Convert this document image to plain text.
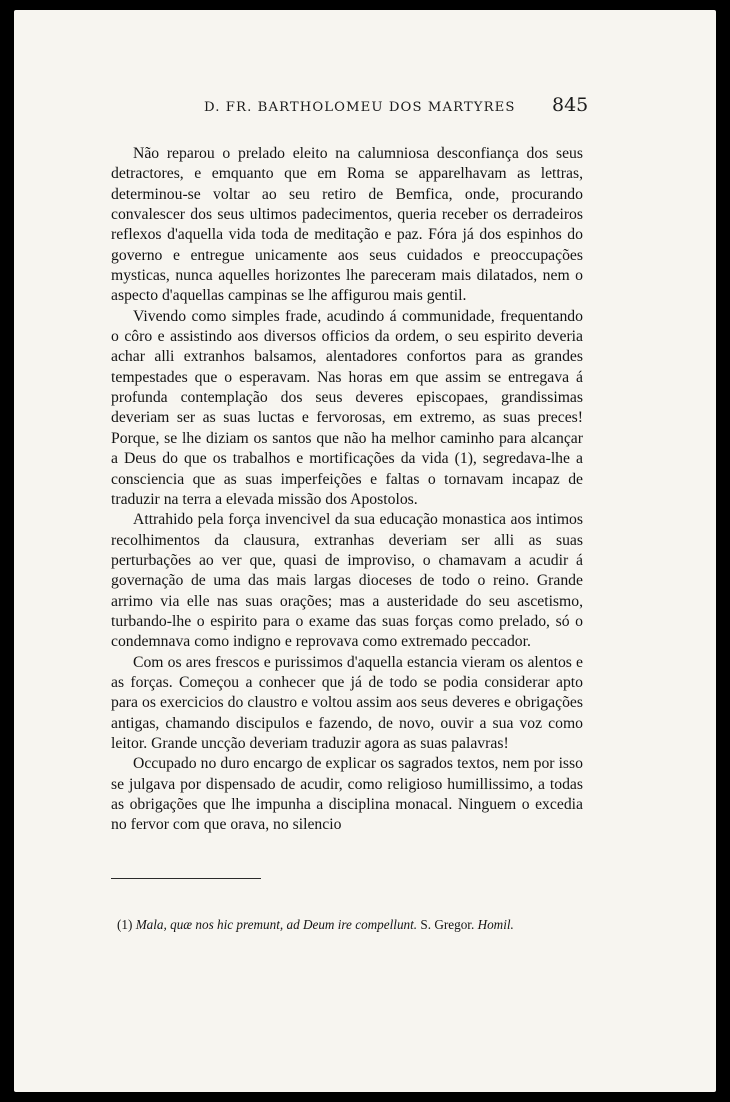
D. FR. BARTHOLOMEU DOS MARTYRES 845

Não reparou o prelado eleito na calumniosa desconfiança dos seus detractores, e emquanto que em Roma se apparelhavam as lettras, determinou-se voltar ao seu retiro de Bemfica, onde, procurando convalescer dos seus ultimos padecimentos, queria receber os derradeiros reflexos d'aquella vida toda de meditação e paz. Fóra já dos espinhos do governo e entregue unicamente aos seus cuidados e preoccupações mysticas, nunca aquelles horizontes lhe pareceram mais dilatados, nem o aspecto d'aquellas campinas se lhe affigurou mais gentil.

Vivendo como simples frade, acudindo á communidade, frequentando o côro e assistindo aos diversos officios da ordem, o seu espirito deveria achar alli extranhos balsamos, alentadores confortos para as grandes tempestades que o esperavam. Nas horas em que assim se entregava á profunda contemplação dos seus deveres episcopaes, grandissimas deveriam ser as suas luctas e fervorosas, em extremo, as suas preces! Porque, se lhe diziam os santos que não ha melhor caminho para alcançar a Deus do que os trabalhos e mortificações da vida (1), segredava-lhe a consciencia que as suas imperfeições e faltas o tornavam incapaz de traduzir na terra a elevada missão dos Apostolos.

Attrahido pela força invencivel da sua educação monastica aos intimos recolhimentos da clausura, extranhas deveriam ser alli as suas perturbações ao ver que, quasi de improviso, o chamavam a acudir á governação de uma das mais largas dioceses de todo o reino. Grande arrimo via elle nas suas orações; mas a austeridade do seu ascetismo, turbando-lhe o espirito para o exame das suas forças como prelado, só o condemnava como indigno e reprovava como extremado peccador.

Com os ares frescos e purissimos d'aquella estancia vieram os alentos e as forças. Começou a conhecer que já de todo se podia considerar apto para os exercicios do claustro e voltou assim aos seus deveres e obrigações antigas, chamando discipulos e fazendo, de novo, ouvir a sua voz como leitor. Grande uncção deveriam traduzir agora as suas palavras!

Occupado no duro encargo de explicar os sagrados textos, nem por isso se julgava por dispensado de acudir, como religioso humillissimo, a todas as obrigações que lhe impunha a disciplina monacal. Ninguem o excedia no fervor com que orava, no silencio

(1) Mala, quæ nos hic premunt, ad Deum ire compellunt. S. Gregor. Homil.
